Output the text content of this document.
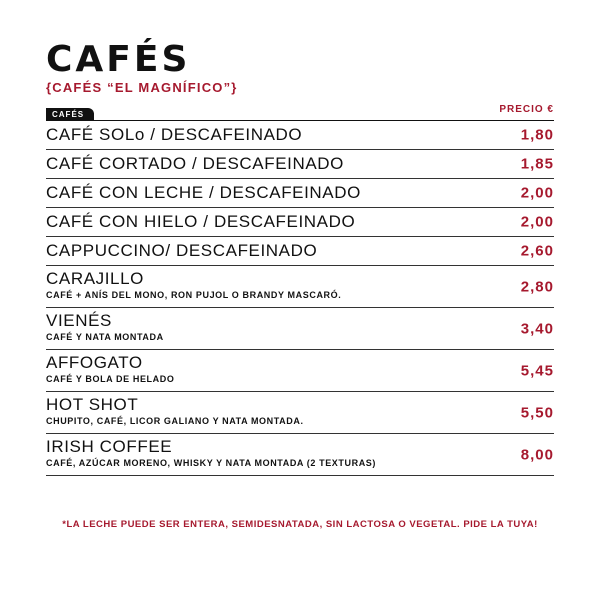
CAFÉS
{CAFÉS “EL MAGNÍFICO”}
CAFÉS	PRECIO €
CAFÉ SOLo / DESCAFEINADO	1,80
CAFÉ CORTADO / DESCAFEINADO	1,85
CAFÉ CON LECHE / DESCAFEINADO	2,00
CAFÉ CON HIELO / DESCAFEINADO	2,00
CAPPUCCINO/ DESCAFEINADO	2,60
CARAJILLO
CAFÉ + ANÍS DEL MONO, RON PUJOL O BRANDY MASCARÓ.	2,80
VIENÉS
CAFÉ Y NATA MONTADA	3,40
AFFOGATO
CAFÉ Y BOLA DE HELADO	5,45
HOT SHOT
CHUPITO, CAFÉ, LICOR GALIANO Y NATA MONTADA.	5,50
IRISH COFFEE
CAFÉ, AZÚCAR MORENO, WHISKY Y NATA MONTADA (2 TEXTURAS)	8,00
*LA LECHE PUEDE SER ENTERA, SEMIDESNATADA, SIN LACTOSA O VEGETAL. PIDE LA TUYA!
